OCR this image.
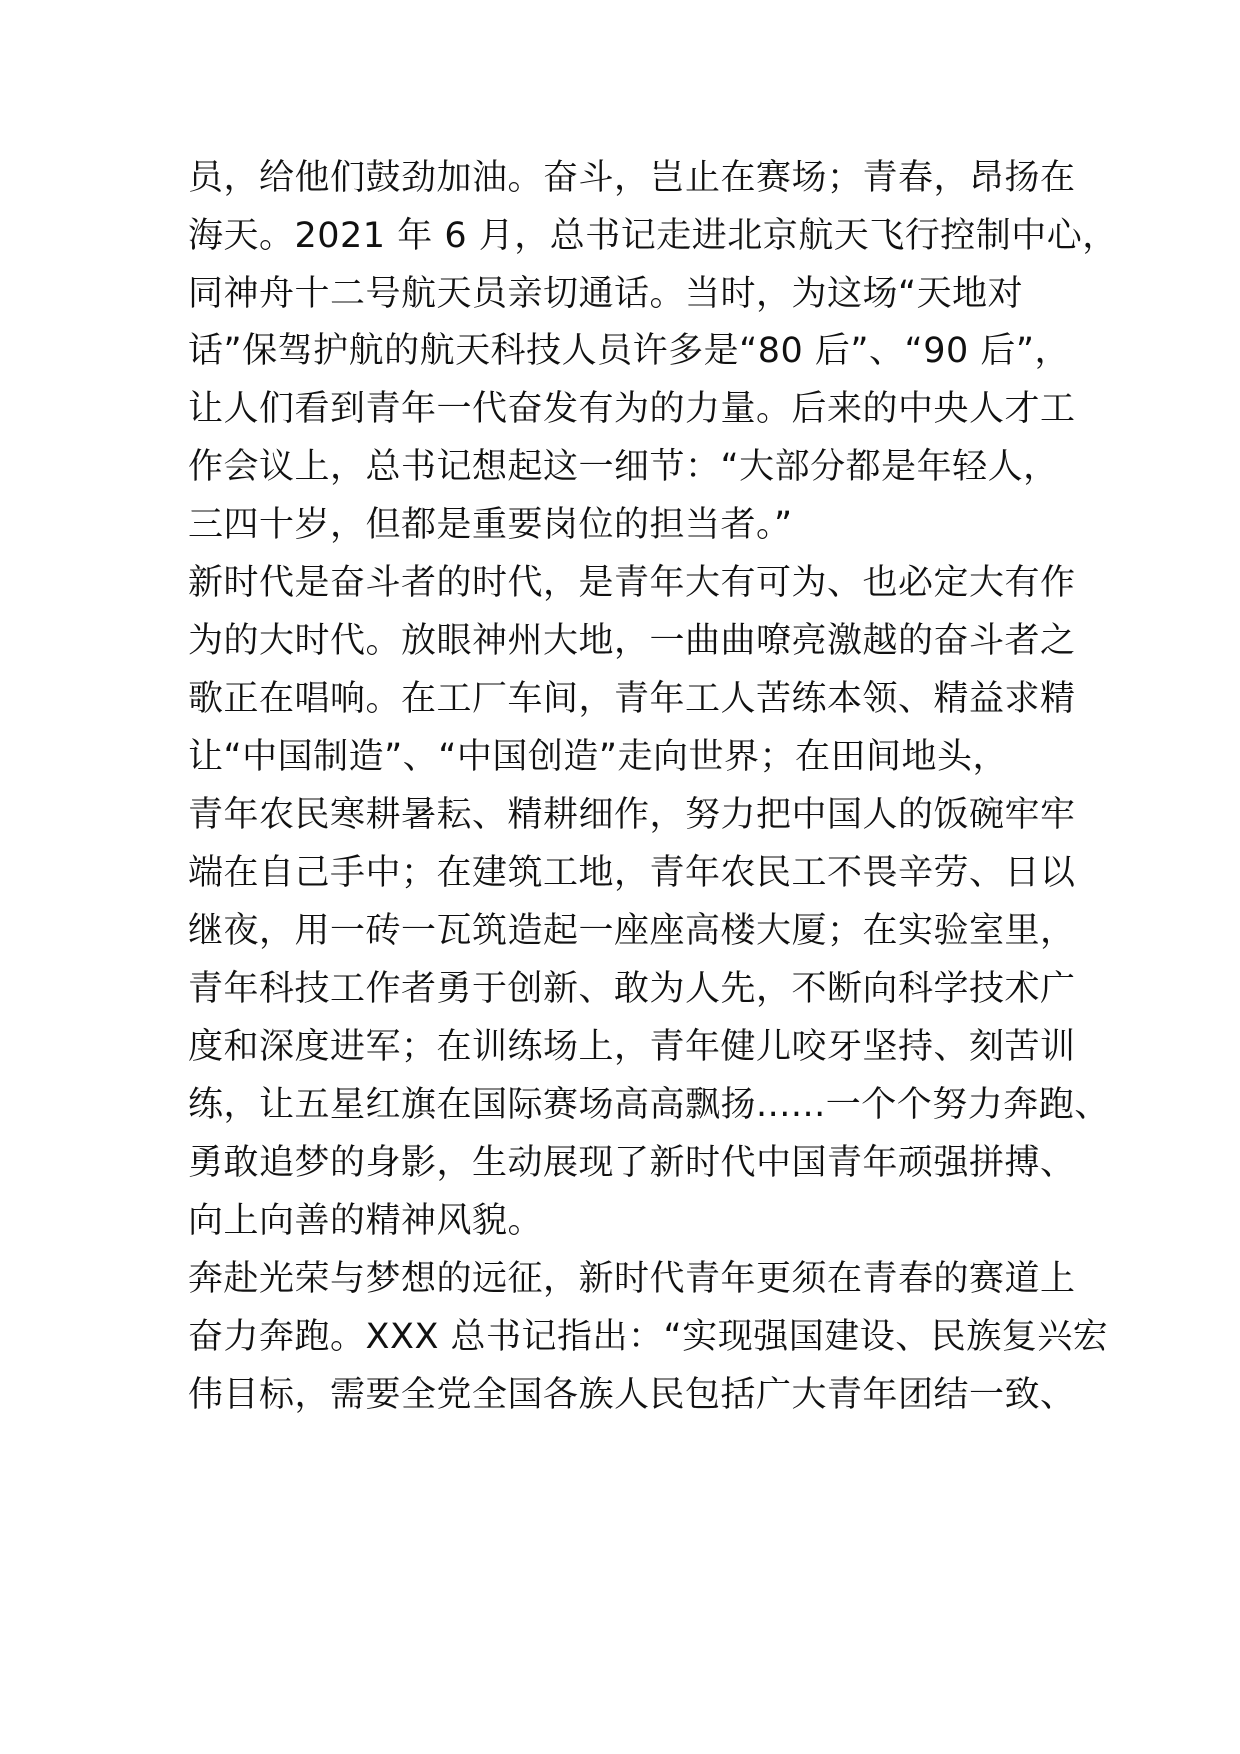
员，给他们鼓劲加油。奋斗，岂止在赛场；青春，昂扬在
海天。2021 年 6 月，总书记走进北京航天飞行控制中心，
同神舟十二号航天员亲切通话。当时，为这场“天地对
话”保驾护航的航天科技人员许多是“80 后”、“90 后”，
让人们看到青年一代奋发有为的力量。后来的中央人才工
作会议上，总书记想起这一细节：“大部分都是年轻人，
三四十岁，但都是重要岗位的担当者。”
新时代是奋斗者的时代，是青年大有可为、也必定大有作
为的大时代。放眼神州大地，一曲曲嘹亮激越的奋斗者之
歌正在唱响。在工厂车间，青年工人苦练本领、精益求精
让“中国制造”、“中国创造”走向世界；在田间地头，
青年农民寒耕暑耘、精耕细作，努力把中国人的饭碗牢牢
端在自己手中；在建筑工地，青年农民工不畏辛劳、日以
继夜，用一砖一瓦筑造起一座座高楼大厦；在实验室里，
青年科技工作者勇于创新、敢为人先，不断向科学技术广
度和深度进军；在训练场上，青年健儿咬牙坚持、刻苦训
练，让五星红旗在国际赛场高高飘扬......一个个努力奔跑、
勇敢追梦的身影，生动展现了新时代中国青年顽强拼搏、
向上向善的精神风貌。
奔赴光荣与梦想的远征，新时代青年更须在青春的赛道上
奋力奔跑。XXX 总书记指出：“实现强国建设、民族复兴宏
伟目标，需要全党全国各族人民包括广大青年团结一致、
